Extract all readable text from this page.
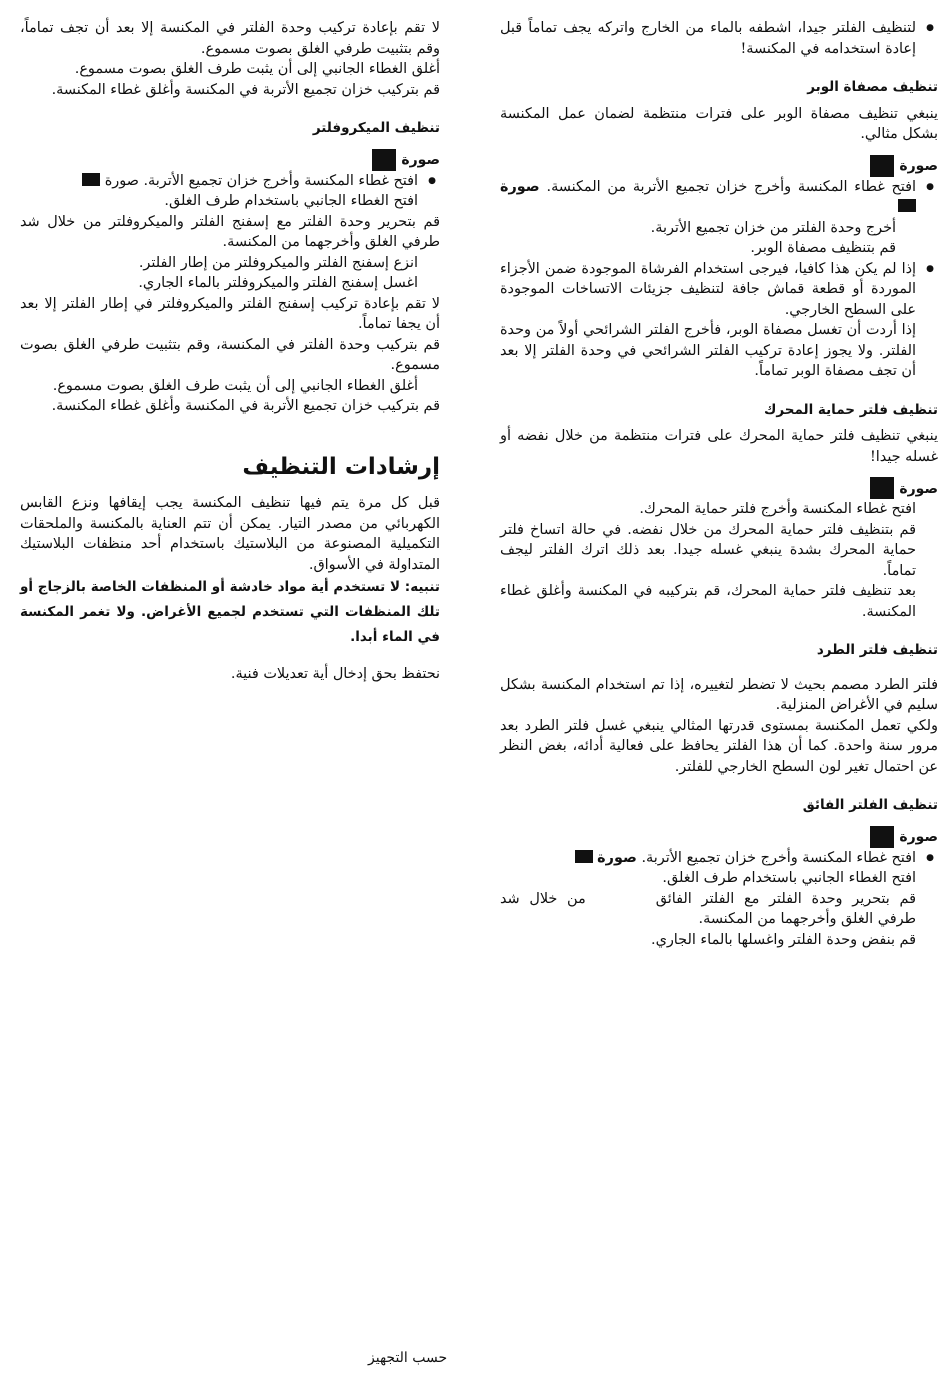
● لتنظيف الفلتر جيدا، اشطفه بالماء من الخارج واتركه يجف تماماً قبل إعادة استخدامه في المكنسة!

تنظيف مصفاة الوبر

ينبغي تنظيف مصفاة الوبر على فترات منتظمة لضمان عمل المكنسة بشكل مثالي.

صورة

● افتح غطاء المكنسة وأخرج خزان تجميع الأتربة من المكنسة. صورة

أخرج وحدة الفلتر من خزان تجميع الأتربة.

قم بتنظيف مصفاة الوبر.

● إذا لم يكن هذا كافيا، فيرجى استخدام الفرشاة الموجودة ضمن الأجزاء الموردة أو قطعة قماش جافة لتنظيف جزيئات الاتساخات الموجودة على السطح الخارجي.

إذا أردت أن تغسل مصفاة الوبر، فأخرج الفلتر الشرائحي أولاً من وحدة الفلتر. ولا يجوز إعادة تركيب الفلتر الشرائحي في وحدة الفلتر إلا بعد أن تجف مصفاة الوبر تماماً.

تنظيف فلتر حماية المحرك

ينبغي تنظيف فلتر حماية المحرك على فترات منتظمة من خلال نفضه أو غسله جيدا!

صورة

افتح غطاء المكنسة وأخرج فلتر حماية المحرك.

قم بتنظيف فلتر حماية المحرك من خلال نفضه. في حالة اتساخ فلتر حماية المحرك بشدة ينبغي غسله جيدا. بعد ذلك اترك الفلتر ليجف تماماً.

بعد تنظيف فلتر حماية المحرك، قم بتركيبه في المكنسة وأغلق غطاء المكنسة.

تنظيف فلتر الطرد

فلتر الطرد مصمم بحيث لا تضطر لتغييره، إذا تم استخدام المكنسة بشكل سليم في الأغراض المنزلية.

ولكي تعمل المكنسة بمستوى قدرتها المثالي ينبغي غسل فلتر الطرد بعد مرور سنة واحدة. كما أن هذا الفلتر يحافظ على فعالية أدائه، بغض النظر عن احتمال تغير لون السطح الخارجي للفلتر.

تنظيف الفلتر الفائق
صورة

● افتح غطاء المكنسة وأخرج خزان تجميع الأتربة. صورة

افتح الغطاء الجانبي باستخدام طرف الغلق.

قم بتحرير وحدة الفلتر مع الفلتر الفائقمن خلال شد طرفي الغلق وأخرجهما من المكنسة.

قم بنفض وحدة الفلتر واغسلها بالماء الجاري.

لا تقم بإعادة تركيب وحدة الفلتر في المكنسة إلا بعد أن تجف تماماً، وقم بتثبيت طرفي الغلق بصوت مسموع.

أغلق الغطاء الجانبي إلى أن يثبت طرف الغلق بصوت مسموع.

قم بتركيب خزان تجميع الأتربة في المكنسة وأغلق غطاء المكنسة.

تنظيف الميكروفلتر
صورة

● افتح غطاء المكنسة وأخرج خزان تجميع الأتربة. صورة

افتح الغطاء الجانبي باستخدام طرف الغلق.

قم بتحرير وحدة الفلتر مع إسفنج الفلتر والميكروفلتر من خلال شد طرفي الغلق وأخرجهما من المكنسة.

انزع إسفنج الفلتر والميكروفلتر من إطار الفلتر.

اغسل إسفنج الفلتر والميكروفلتر بالماء الجاري.

لا تقم بإعادة تركيب إسفنج الفلتر والميكروفلتر في إطار الفلتر إلا بعد أن يجفا تماماً.

قم بتركيب وحدة الفلتر في المكنسة، وقم بتثبيت طرفي الغلق بصوت مسموع.

أغلق الغطاء الجانبي إلى أن يثبت طرف الغلق بصوت مسموع.

قم بتركيب خزان تجميع الأتربة في المكنسة وأغلق غطاء المكنسة.

إرشادات التنظيف

قبل كل مرة يتم فيها تنظيف المكنسة يجب إيقافها ونزع القابس الكهربائي من مصدر التيار. يمكن أن تتم العناية بالمكنسة والملحقات التكميلية المصنوعة من البلاستيك باستخدام أحد منظفات البلاستيك المتداولة في الأسواق.

تنبيه: لا تستخدم أية مواد خادشة أو المنظفات الخاصة بالزجاج أو تلك المنظفات التي تستخدم لجميع الأغراض. ولا تغمر المكنسة في الماء أبدا.

نحتفظ بحق إدخال أية تعديلات فنية.

حسب التجهيز
